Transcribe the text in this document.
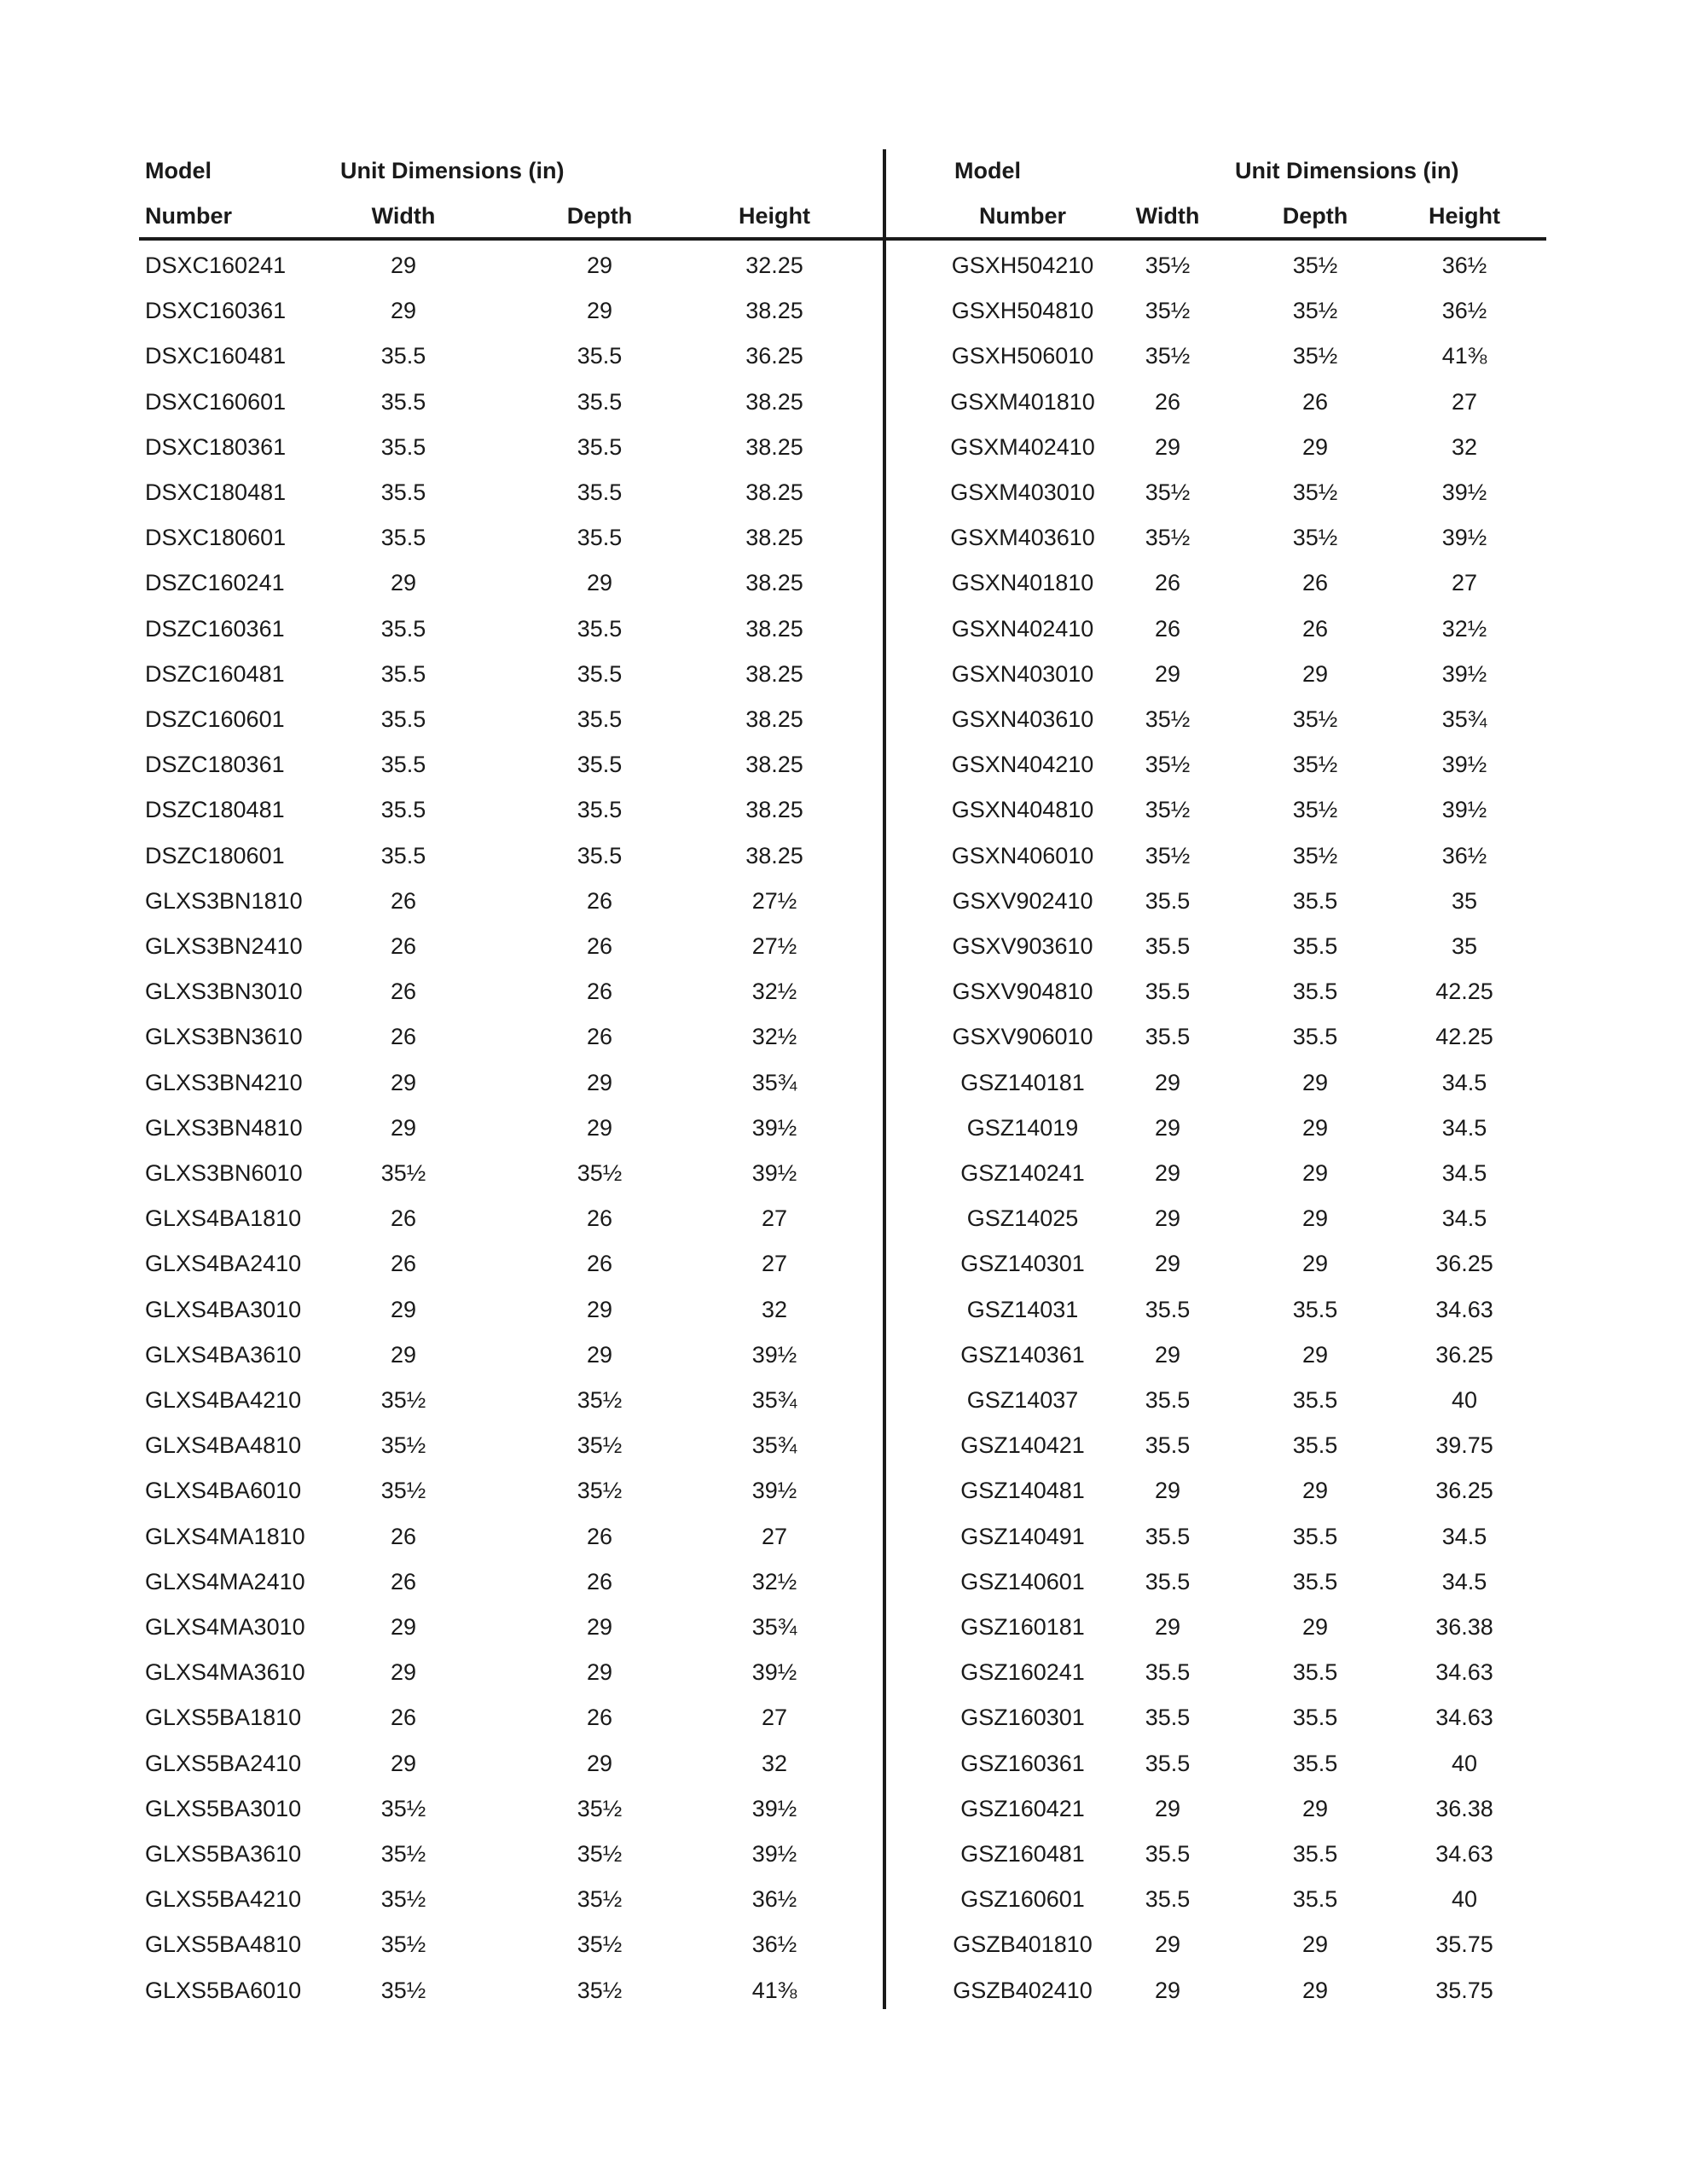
Model	Unit Dimensions (in)
Number	Width	Depth	Height
DSXC160241	29	29	32.25
DSXC160361	29	29	38.25
DSXC160481	35.5	35.5	36.25
DSXC160601	35.5	35.5	38.25
DSXC180361	35.5	35.5	38.25
DSXC180481	35.5	35.5	38.25
DSXC180601	35.5	35.5	38.25
DSZC160241	29	29	38.25
DSZC160361	35.5	35.5	38.25
DSZC160481	35.5	35.5	38.25
DSZC160601	35.5	35.5	38.25
DSZC180361	35.5	35.5	38.25
DSZC180481	35.5	35.5	38.25
DSZC180601	35.5	35.5	38.25
GLXS3BN1810	26	26	27½
GLXS3BN2410	26	26	27½
GLXS3BN3010	26	26	32½
GLXS3BN3610	26	26	32½
GLXS3BN4210	29	29	35¾
GLXS3BN4810	29	29	39½
GLXS3BN6010	35½	35½	39½
GLXS4BA1810	26	26	27
GLXS4BA2410	26	26	27
GLXS4BA3010	29	29	32
GLXS4BA3610	29	29	39½
GLXS4BA4210	35½	35½	35¾
GLXS4BA4810	35½	35½	35¾
GLXS4BA6010	35½	35½	39½
GLXS4MA1810	26	26	27
GLXS4MA2410	26	26	32½
GLXS4MA3010	29	29	35¾
GLXS4MA3610	29	29	39½
GLXS5BA1810	26	26	27
GLXS5BA2410	29	29	32
GLXS5BA3010	35½	35½	39½
GLXS5BA3610	35½	35½	39½
GLXS5BA4210	35½	35½	36½
GLXS5BA4810	35½	35½	36½
GLXS5BA6010	35½	35½	41⅜
Model	Unit Dimensions (in)
Number	Width	Depth	Height
GSXH504210	35½	35½	36½
GSXH504810	35½	35½	36½
GSXH506010	35½	35½	41⅜
GSXM401810	26	26	27
GSXM402410	29	29	32
GSXM403010	35½	35½	39½
GSXM403610	35½	35½	39½
GSXN401810	26	26	27
GSXN402410	26	26	32½
GSXN403010	29	29	39½
GSXN403610	35½	35½	35¾
GSXN404210	35½	35½	39½
GSXN404810	35½	35½	39½
GSXN406010	35½	35½	36½
GSXV902410	35.5	35.5	35
GSXV903610	35.5	35.5	35
GSXV904810	35.5	35.5	42.25
GSXV906010	35.5	35.5	42.25
GSZ140181	29	29	34.5
GSZ14019	29	29	34.5
GSZ140241	29	29	34.5
GSZ14025	29	29	34.5
GSZ140301	29	29	36.25
GSZ14031	35.5	35.5	34.63
GSZ140361	29	29	36.25
GSZ14037	35.5	35.5	40
GSZ140421	35.5	35.5	39.75
GSZ140481	29	29	36.25
GSZ140491	35.5	35.5	34.5
GSZ140601	35.5	35.5	34.5
GSZ160181	29	29	36.38
GSZ160241	35.5	35.5	34.63
GSZ160301	35.5	35.5	34.63
GSZ160361	35.5	35.5	40
GSZ160421	29	29	36.38
GSZ160481	35.5	35.5	34.63
GSZ160601	35.5	35.5	40
GSZB401810	29	29	35.75
GSZB402410	29	29	35.75
